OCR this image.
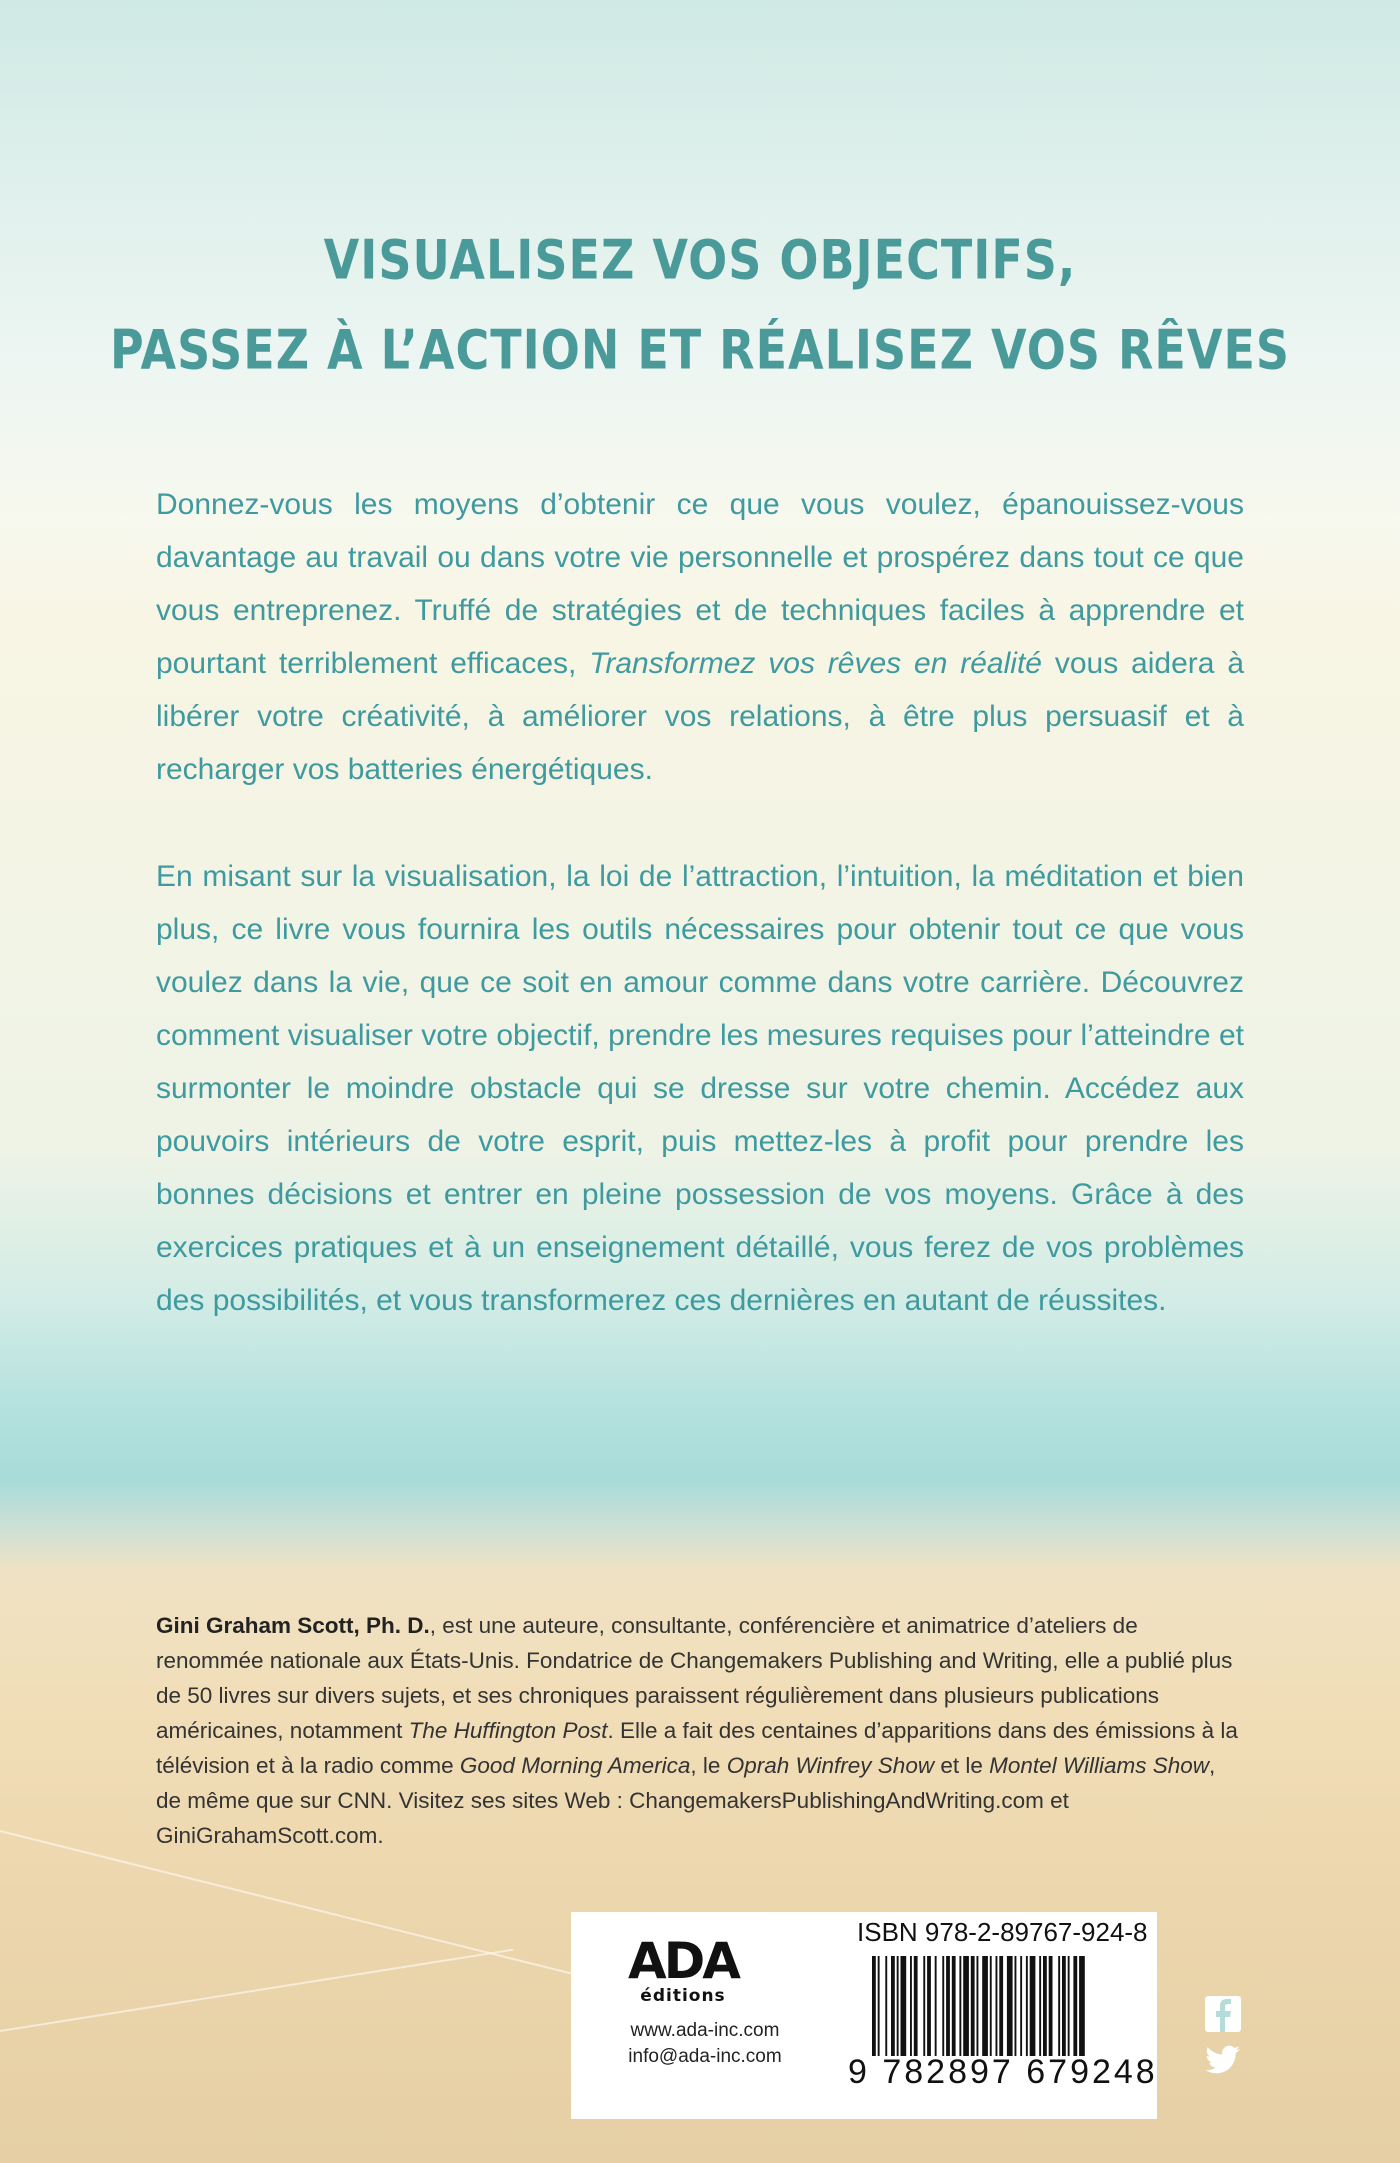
VISUALISEZ VOS OBJECTIFS,
PASSEZ À L’ACTION ET RÉALISEZ VOS RÊVES

Donnez-vous les moyens d’obtenir ce que vous voulez, épanouissez-vous davantage au travail ou dans votre vie personnelle et prospérez dans tout ce que vous entreprenez. Truffé de stratégies et de techniques faciles à apprendre et pourtant terriblement efficaces, Transformez vos rêves en réalité vous aidera à libérer votre créativité, à améliorer vos relations, à être plus persuasif et à recharger vos batteries énergétiques.

En misant sur la visualisation, la loi de l’attraction, l’intuition, la méditation et bien plus, ce livre vous fournira les outils nécessaires pour obtenir tout ce que vous voulez dans la vie, que ce soit en amour comme dans votre carrière. Découvrez comment visualiser votre objectif, prendre les mesures requises pour l’atteindre et surmonter le moindre obstacle qui se dresse sur votre chemin. Accédez aux pouvoirs intérieurs de votre esprit, puis mettez-les à profit pour prendre les bonnes décisions et entrer en pleine possession de vos moyens. Grâce à des exercices pratiques et à un enseignement détaillé, vous ferez de vos problèmes des possibilités, et vous transformerez ces dernières en autant de réussites.

Gini Graham Scott, Ph. D., est une auteure, consultante, conférencière et animatrice d’ateliers de renommée nationale aux États-Unis. Fondatrice de Changemakers Publishing and Writing, elle a publié plus de 50 livres sur divers sujets, et ses chroniques paraissent régulièrement dans plusieurs publications américaines, notamment The Huffington Post. Elle a fait des centaines d’apparitions dans des émissions à la télévision et à la radio comme Good Morning America, le Oprah Winfrey Show et le Montel Williams Show, de même que sur CNN. Visitez ses sites Web : ChangemakersPublishingAndWriting.com et GiniGrahamScott.com.

ADA
éditions
www.ada-inc.com
info@ada-inc.com
ISBN 978-2-89767-924-8
9 782897 679248
